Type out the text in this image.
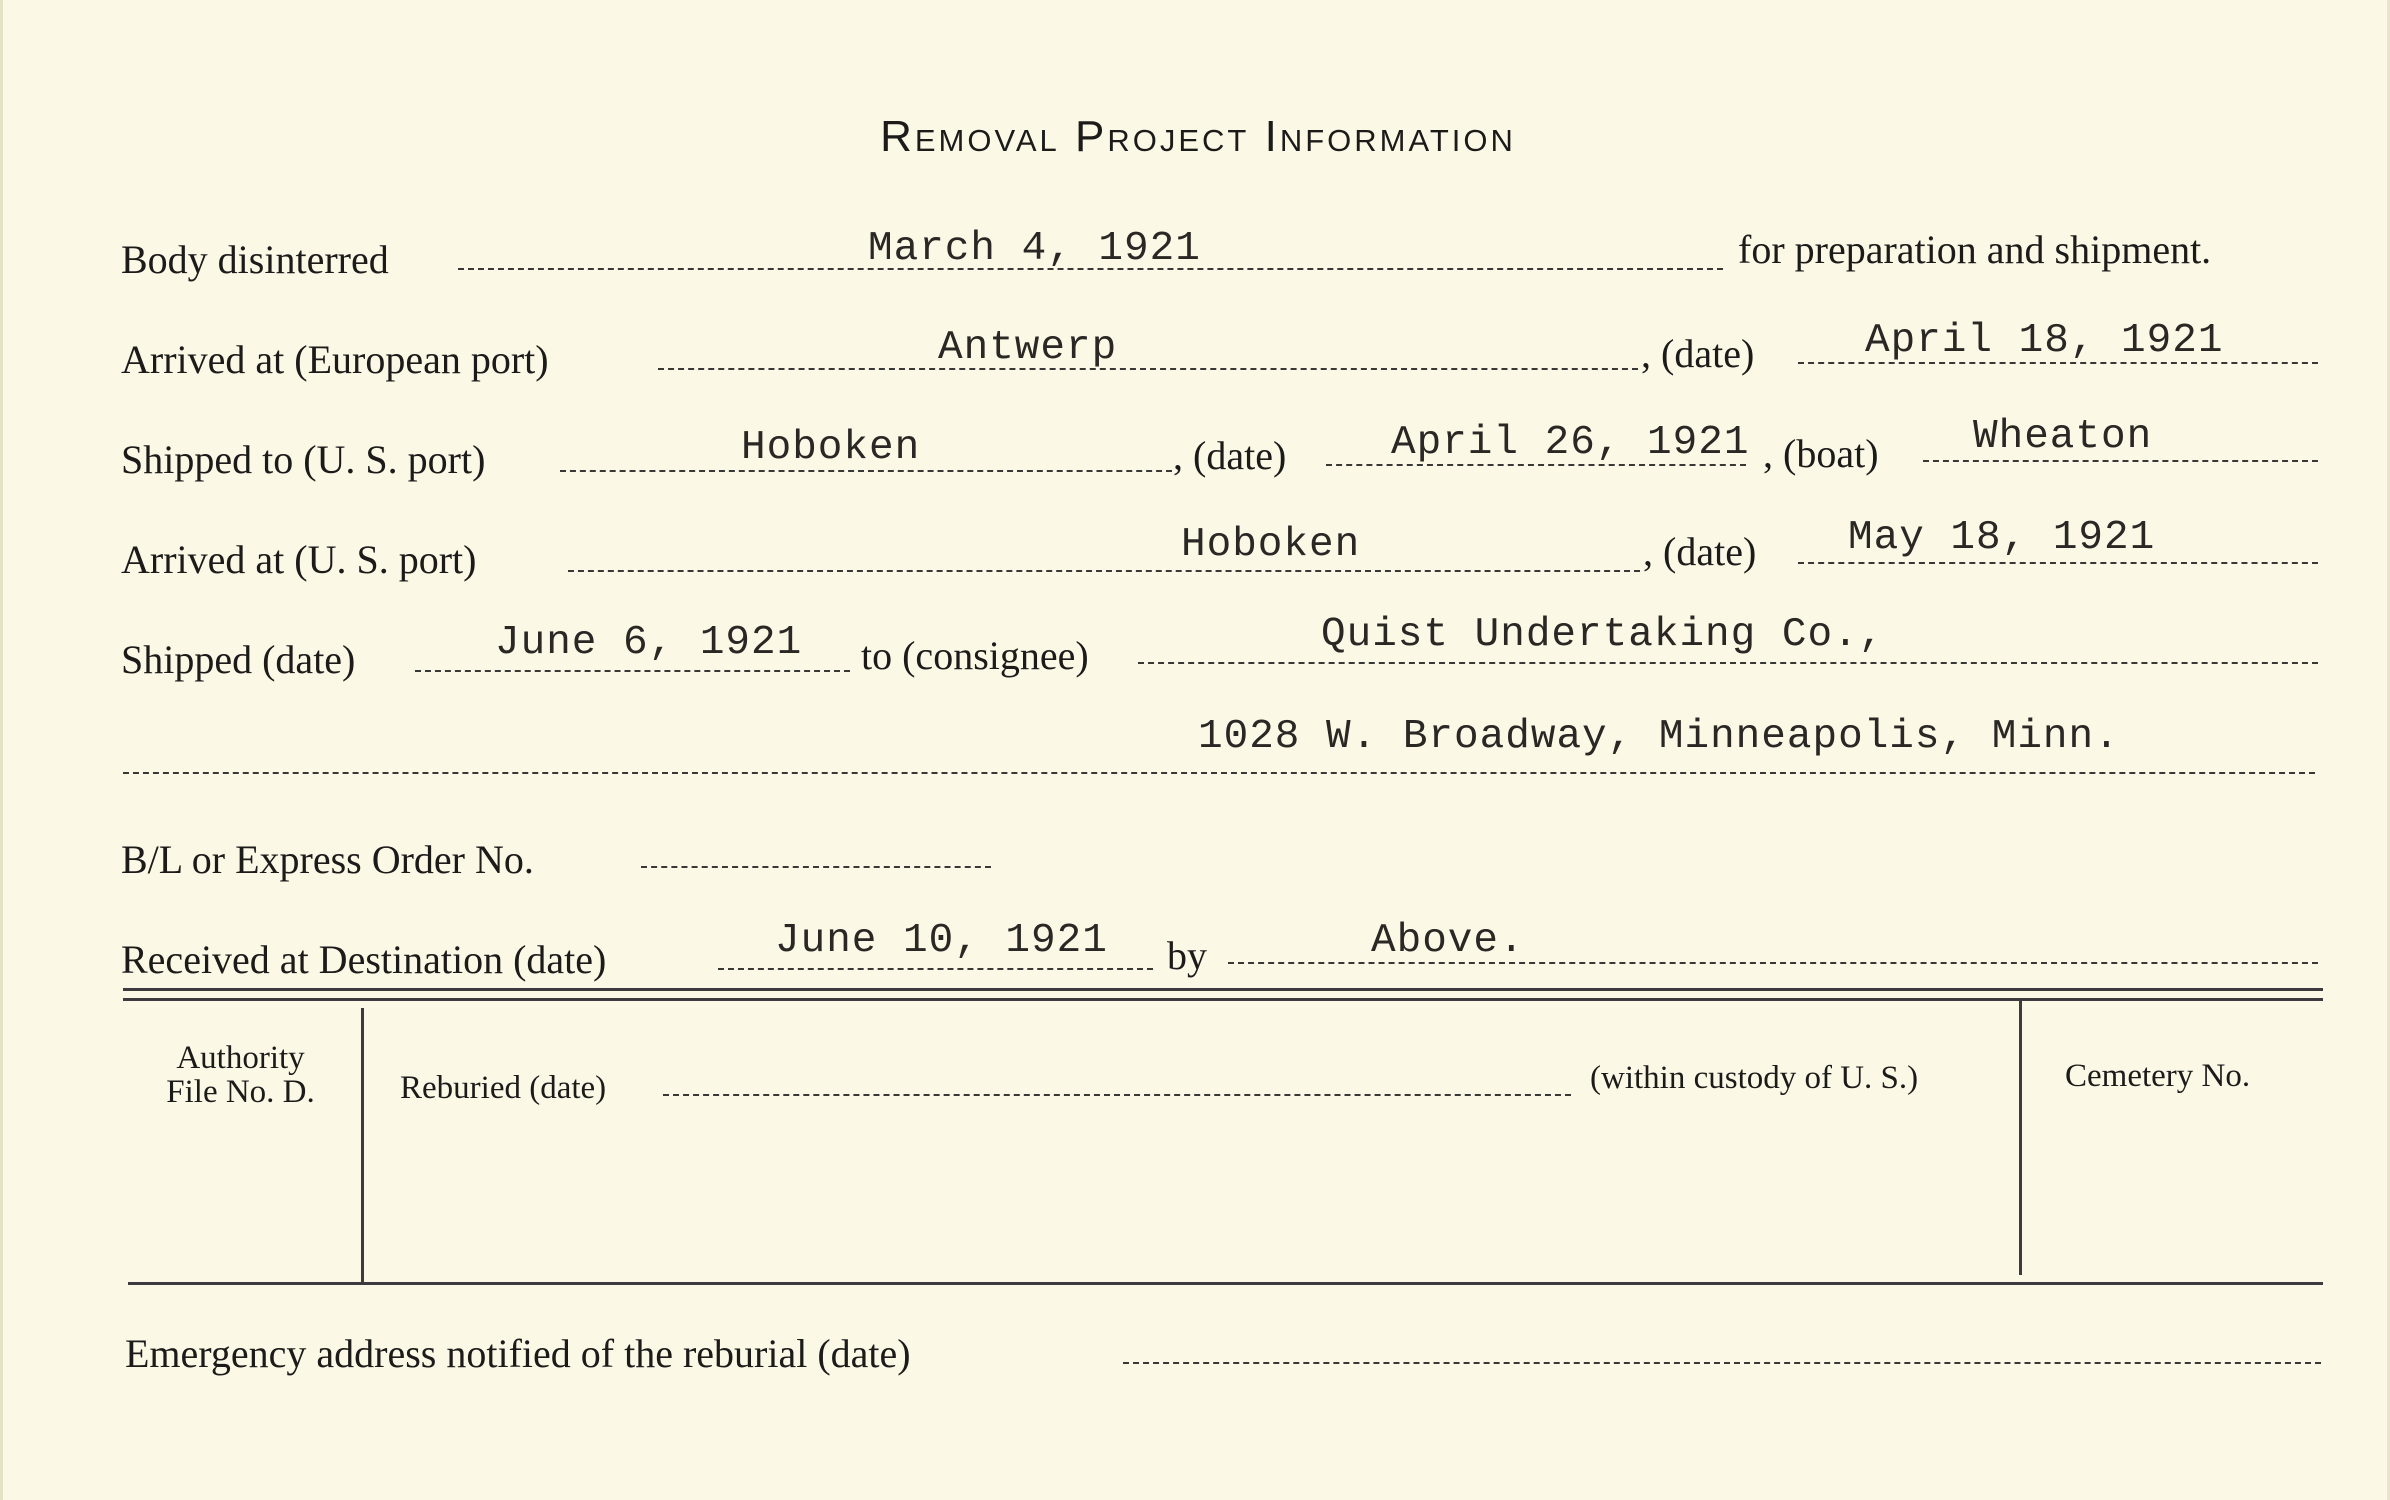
Removal Project Information
Body disinterred	March 4, 1921	for preparation and shipment.
Arrived at (European port)	Antwerp	, (date)	April 18, 1921
Shipped to (U. S. port)	Hoboken	, (date)	April 26, 1921 , (boat) Wheaton
Arrived at (U. S. port)	Hoboken	, (date) May 18, 1921
Shipped (date)	June 6, 1921 to (consignee)	Quist Undertaking Co.,
1028 W. Broadway, Minneapolis, Minn.
B/L or Express Order No.
Received at Destination (date)	June 10, 1921 by	Above.
Authority
File No. D.	Reburied (date)	(within custody of U. S.)	Cemetery No.
Emergency address notified of the reburial (date)
